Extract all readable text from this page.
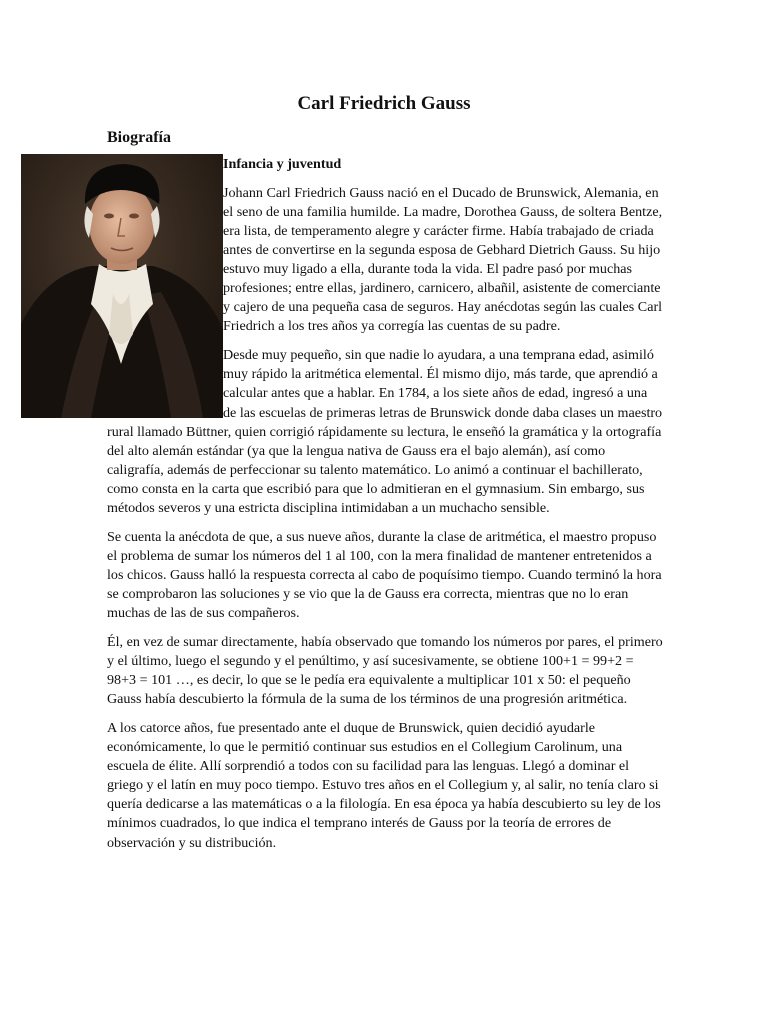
Carl Friedrich Gauss
Biografía
Infancia y juventud

Johann Carl Friedrich Gauss nació en el Ducado de Brunswick, Alemania, en el seno de una familia humilde. La madre, Dorothea Gauss, de soltera Bentze, era lista, de temperamento alegre y carácter firme. Había trabajado de criada antes de convertirse en la segunda esposa de Gebhard Dietrich Gauss. Su hijo estuvo muy ligado a ella, durante toda la vida. El padre pasó por muchas profesiones; entre ellas, jardinero, carnicero, albañil, asistente de comerciante y cajero de una pequeña casa de seguros. Hay anécdotas según las cuales Carl Friedrich a los tres años ya corregía las cuentas de su padre.

Desde muy pequeño, sin que nadie lo ayudara, a una temprana edad, asimiló muy rápido la aritmética elemental. Él mismo dijo, más tarde, que aprendió a calcular antes que a hablar. En 1784, a los siete años de edad, ingresó a una de las escuelas de primeras letras de Brunswick donde daba clases un maestro rural llamado Büttner, quien corrigió rápidamente su lectura, le enseñó la gramática y la ortografía del alto alemán estándar (ya que la lengua nativa de Gauss era el bajo alemán), así como caligrafía, además de perfeccionar su talento matemático. Lo animó a continuar el bachillerato, como consta en la carta que escribió para que lo admitieran en el gymnasium. Sin embargo, sus métodos severos y una estricta disciplina intimidaban a un muchacho sensible.

Se cuenta la anécdota de que, a sus nueve años, durante la clase de aritmética, el maestro propuso el problema de sumar los números del 1 al 100, con la mera finalidad de mantener entretenidos a los chicos. Gauss halló la respuesta correcta al cabo de poquísimo tiempo. Cuando terminó la hora se comprobaron las soluciones y se vio que la de Gauss era correcta, mientras que no lo eran muchas de las de sus compañeros.

Él, en vez de sumar directamente, había observado que tomando los números por pares, el primero y el último, luego el segundo y el penúltimo, y así sucesivamente, se obtiene 100+1 = 99+2 = 98+3 = 101 …, es decir, lo que se le pedía era equivalente a multiplicar 101 x 50: el pequeño Gauss había descubierto la fórmula de la suma de los términos de una progresión aritmética.

A los catorce años, fue presentado ante el duque de Brunswick, quien decidió ayudarle económicamente, lo que le permitió continuar sus estudios en el Collegium Carolinum, una escuela de élite. Allí sorprendió a todos con su facilidad para las lenguas. Llegó a dominar el griego y el latín en muy poco tiempo. Estuvo tres años en el Collegium y, al salir, no tenía claro si quería dedicarse a las matemáticas o a la filología. En esa época ya había descubierto su ley de los mínimos cuadrados, lo que indica el temprano interés de Gauss por la teoría de errores de observación y su distribución.
